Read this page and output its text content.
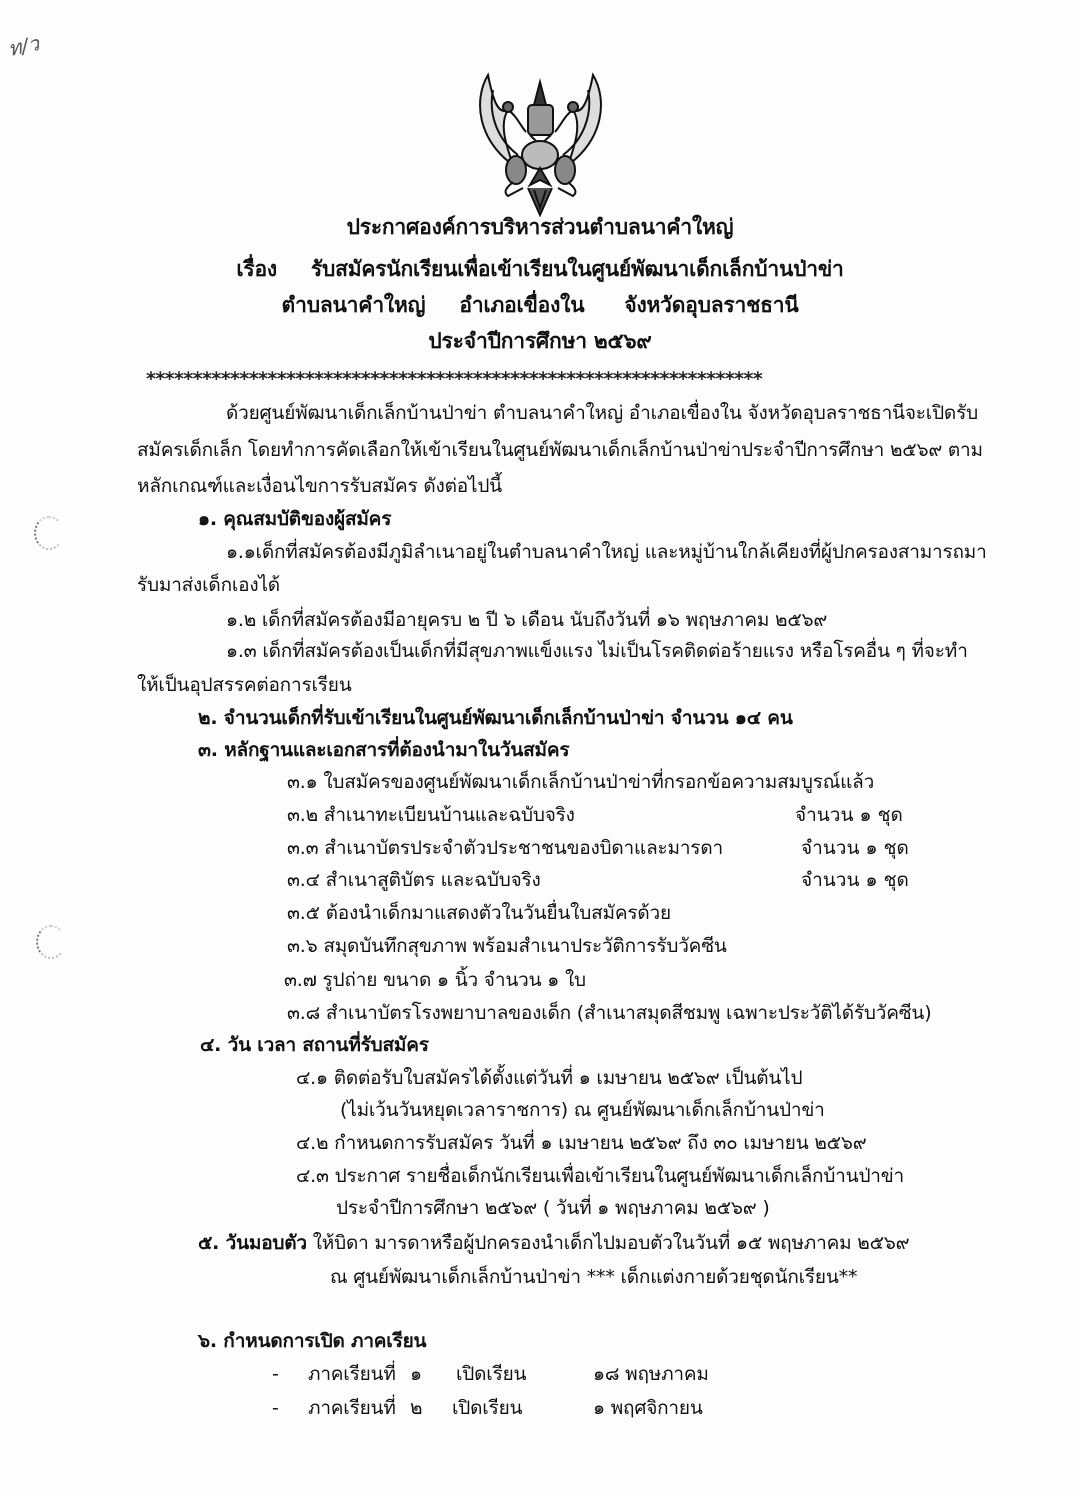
ท/ว
ประกาศองค์การบริหารส่วนตำบลนาคำใหญ่
เรื่อง รับสมัครนักเรียนเพื่อเข้าเรียนในศูนย์พัฒนาเด็กเล็กบ้านป่าข่า
ตำบลนาคำใหญ่ อำเภอเขื่องใน จังหวัดอุบลราชธานี
ประจำปีการศึกษา ๒๕๖๙
******************************************************************
ด้วยศูนย์พัฒนาเด็กเล็กบ้านป่าข่า ตำบลนาคำใหญ่ อำเภอเขื่องใน จังหวัดอุบลราชธานีจะเปิดรับ
สมัครเด็กเล็ก โดยทำการคัดเลือกให้เข้าเรียนในศูนย์พัฒนาเด็กเล็กบ้านป่าข่าประจำปีการศึกษา ๒๕๖๙ ตาม
หลักเกณฑ์และเงื่อนไขการรับสมัคร ดังต่อไปนี้
๑. คุณสมบัติของผู้สมัคร
๑.๑เด็กที่สมัครต้องมีภูมิลำเนาอยู่ในตำบลนาคำใหญ่ และหมู่บ้านใกล้เคียงที่ผู้ปกครองสามารถมา
รับมาส่งเด็กเองได้
๑.๒ เด็กที่สมัครต้องมีอายุครบ ๒ ปี ๖ เดือน นับถึงวันที่ ๑๖ พฤษภาคม ๒๕๖๙
๑.๓ เด็กที่สมัครต้องเป็นเด็กที่มีสุขภาพแข็งแรง ไม่เป็นโรคติดต่อร้ายแรง หรือโรคอื่น ๆ ที่จะทำ
ให้เป็นอุปสรรคต่อการเรียน
๒. จำนวนเด็กที่รับเข้าเรียนในศูนย์พัฒนาเด็กเล็กบ้านป่าข่า จำนวน ๑๔ คน
๓. หลักฐานและเอกสารที่ต้องนำมาในวันสมัคร
๓.๑ ใบสมัครของศูนย์พัฒนาเด็กเล็กบ้านป่าข่าที่กรอกข้อความสมบูรณ์แล้ว
๓.๒ สำเนาทะเบียนบ้านและฉบับจริง	จำนวน ๑ ชุด
๓.๓ สำเนาบัตรประจำตัวประชาชนของบิดาและมารดา	จำนวน ๑ ชุด
๓.๔ สำเนาสูติบัตร และฉบับจริง	จำนวน ๑ ชุด
๓.๕ ต้องนำเด็กมาแสดงตัวในวันยื่นใบสมัครด้วย
๓.๖ สมุดบันทึกสุขภาพ พร้อมสำเนาประวัติการรับวัคซีน
๓.๗ รูปถ่าย ขนาด ๑ นิ้ว จำนวน ๑ ใบ
๓.๘ สำเนาบัตรโรงพยาบาลของเด็ก (สำเนาสมุดสีชมพู เฉพาะประวัติได้รับวัคซีน)
๔. วัน เวลา สถานที่รับสมัคร
๔.๑ ติดต่อรับใบสมัครได้ตั้งแต่วันที่ ๑ เมษายน ๒๕๖๙ เป็นต้นไป
(ไม่เว้นวันหยุดเวลาราชการ) ณ ศูนย์พัฒนาเด็กเล็กบ้านป่าข่า
๔.๒ กำหนดการรับสมัคร วันที่ ๑ เมษายน ๒๕๖๙ ถึง ๓๐ เมษายน ๒๕๖๙
๔.๓ ประกาศ รายชื่อเด็กนักเรียนเพื่อเข้าเรียนในศูนย์พัฒนาเด็กเล็กบ้านป่าข่า
ประจำปีการศึกษา ๒๕๖๙ ( วันที่ ๑ พฤษภาคม ๒๕๖๙ )
๕. วันมอบตัว ให้บิดา มารดาหรือผู้ปกครองนำเด็กไปมอบตัวในวันที่ ๑๕ พฤษภาคม ๒๕๖๙
ณ ศูนย์พัฒนาเด็กเล็กบ้านป่าข่า *** เด็กแต่งกายด้วยชุดนักเรียน**
๖. กำหนดการเปิด ภาคเรียน
- ภาคเรียนที่ ๑ เปิดเรียน	๑๘ พฤษภาคม
- ภาคเรียนที่ ๒ เปิดเรียน	๑ พฤศจิกายน
